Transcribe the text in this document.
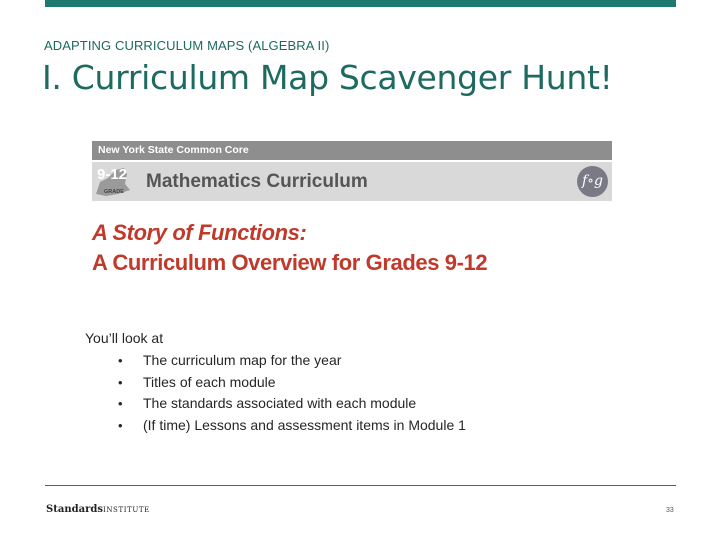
ADAPTING CURRICULUM MAPS (ALGEBRA II)
I. Curriculum Map Scavenger Hunt!
New York State Common Core
9-12
GRADE Mathematics Curriculum	f∘g
A Story of Functions:
A Curriculum Overview for Grades 9-12
You’ll look at
•	The curriculum map for the year
•	Titles of each module
•	The standards associated with each module
•	(If time) Lessons and assessment items in Module 1
StandardsINSTITUTE	33
